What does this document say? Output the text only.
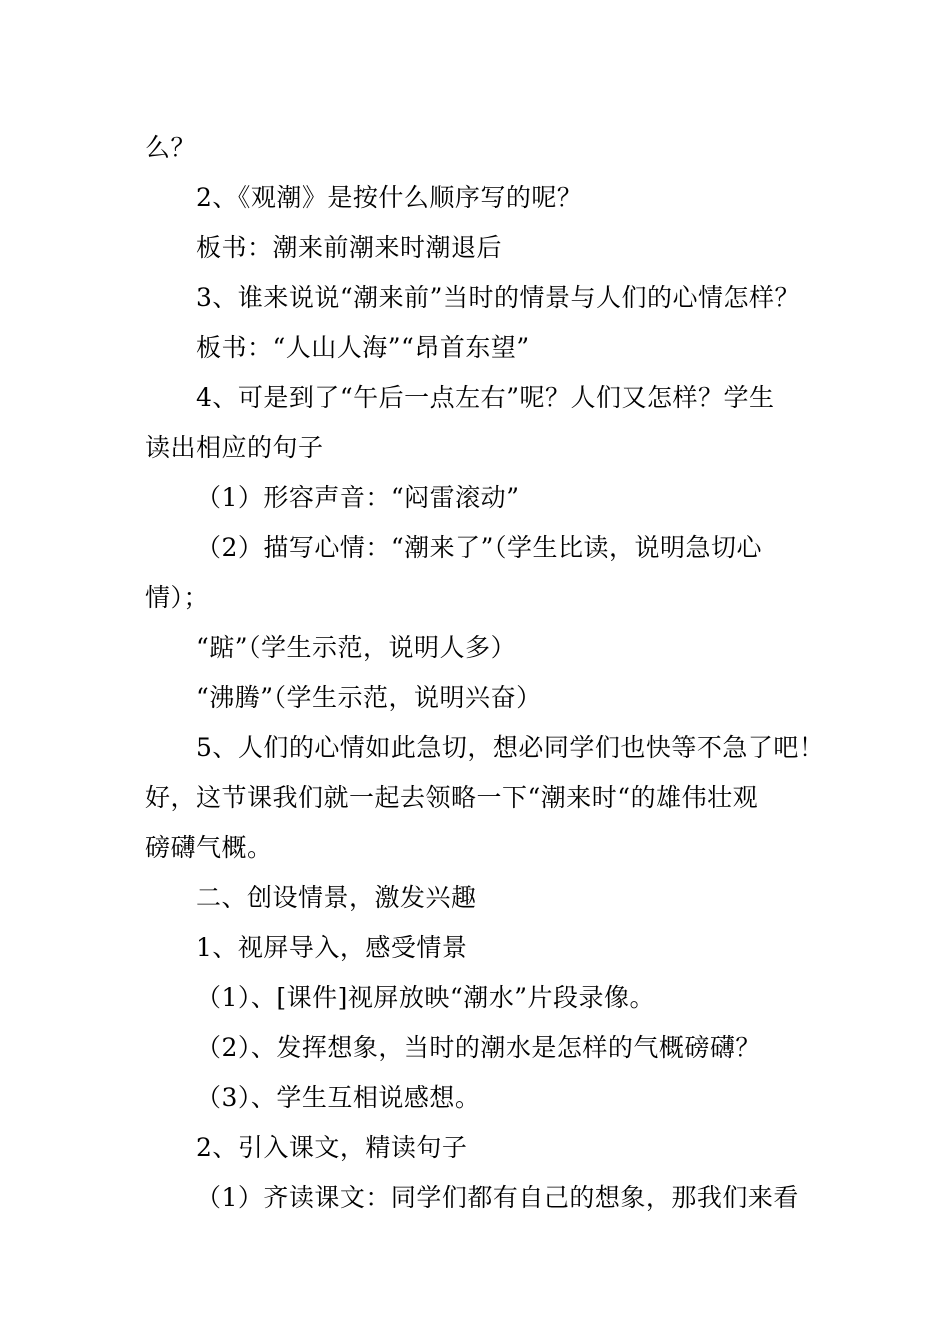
么？
2、《观潮》是按什么顺序写的呢？
板书：潮来前潮来时潮退后
3、谁来说说“潮来前”当时的情景与人们的心情怎样？
板书：“人山人海”“昂首东望”
4、可是到了“午后一点左右”呢？人们又怎样？学生
读出相应的句子
（1）形容声音：“闷雷滚动”
（2）描写心情：“潮来了”（学生比读，说明急切心
情）；
“踮”（学生示范，说明人多）
“沸腾”（学生示范，说明兴奋）
5、人们的心情如此急切，想必同学们也快等不急了吧！
好，这节课我们就一起去领略一下“潮来时“的雄伟壮观
磅礴气概。
二、创设情景，激发兴趣
1、视屏导入，感受情景
（1）、[课件]视屏放映“潮水”片段录像。
（2）、发挥想象，当时的潮水是怎样的气概磅礴？
（3）、学生互相说感想。
2、引入课文，精读句子
（1）齐读课文：同学们都有自己的想象，那我们来看
